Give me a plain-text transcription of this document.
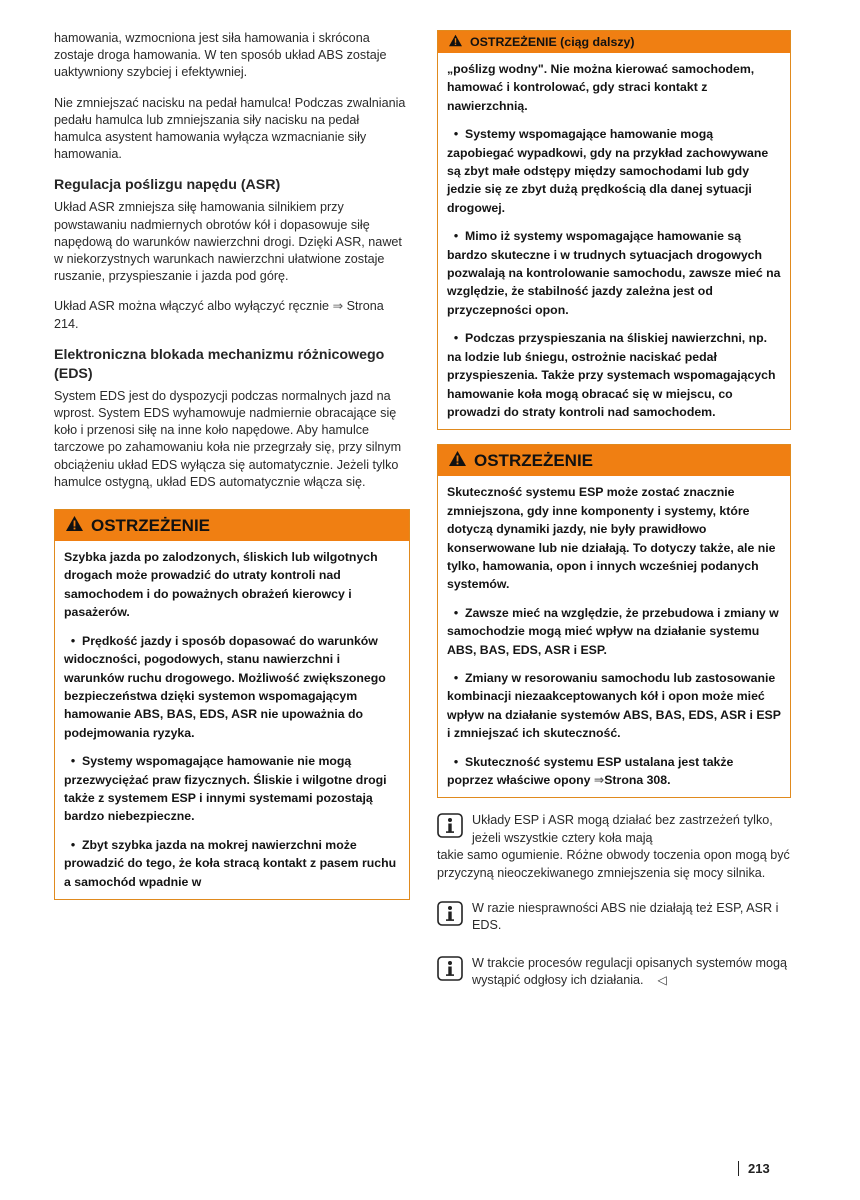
hamowania, wzmocniona jest siła hamowania i skrócona zostaje droga hamowania. W ten sposób układ ABS zostaje uaktywniony szybciej i efektywniej.

Nie zmniejszać nacisku na pedał hamulca! Podczas zwalniania pedału hamulca lub zmniejszania siły nacisku na pedał hamulca asystent hamowania wyłącza wzmacnianie siły hamowania.

Regulacja poślizgu napędu (ASR)

Układ ASR zmniejsza siłę hamowania silnikiem przy powstawaniu nadmiernych obrotów kół i dopasowuje siłę napędową do warunków nawierzchni drogi. Dzięki ASR, nawet w niekorzystnych warunkach nawierzchni ułatwione zostaje ruszanie, przyspieszanie i jazda pod górę.

Układ ASR można włączyć albo wyłączyć ręcznie ⇒ Strona 214.

Elektroniczna blokada mechanizmu różnicowego (EDS)

System EDS jest do dyspozycji podczas normalnych jazd na wprost. System EDS wyhamowuje nadmiernie obracające się koło i przenosi siłę na inne koło napędowe. Aby hamulce tarczowe po zahamowaniu koła nie przegrzały się, przy silnym obciążeniu układ EDS wyłącza się automatycznie. Jeżeli tylko hamulce ostygną, układ EDS automatycznie włącza się.

OSTRZEŻENIE

Szybka jazda po zalodzonych, śliskich lub wilgotnych drogach może prowadzić do utraty kontroli nad samochodem i do poważnych obrażeń kierowcy i pasażerów.

• Prędkość jazdy i sposób dopasować do warunków widoczności, pogodowych, stanu nawierzchni i warunków ruchu drogowego. Możliwość zwiększonego bezpieczeństwa dzięki systemon wspomagającym hamowanie ABS, BAS, EDS, ASR nie upoważnia do podejmowania ryzyka.

• Systemy wspomagające hamowanie nie mogą przezwyciężać praw fizycznych. Śliskie i wilgotne drogi także z systemem ESP i innymi systemami pozostają bardzo niebezpieczne.

• Zbyt szybka jazda na mokrej nawierzchni może prowadzić do tego, że koła stracą kontakt z pasem ruchu a samochód wpadnie w

OSTRZEŻENIE (ciąg dalszy)

„poślizg wodny". Nie można kierować samochodem, hamować i kontrolować, gdy straci kontakt z nawierzchnią.

• Systemy wspomagające hamowanie mogą zapobiegać wypadkowi, gdy na przykład zachowywane są zbyt małe odstępy między samochodami lub gdy jedzie się ze zbyt dużą prędkością dla danej sytuacji drogowej.

• Mimo iż systemy wspomagające hamowanie są bardzo skuteczne i w trudnych sytuacjach drogowych pozwalają na kontrolowanie samochodu, zawsze mieć na względzie, że stabilność jazdy zależna jest od przyczepności opon.

• Podczas przyspieszania na śliskiej nawierzchni, np. na lodzie lub śniegu, ostrożnie naciskać pedał przyspieszenia. Także przy systemach wspomagających hamowanie koła mogą obracać się w miejscu, co prowadzi do straty kontroli nad samochodem.

OSTRZEŻENIE

Skuteczność systemu ESP może zostać znacznie zmniejszona, gdy inne komponenty i systemy, które dotyczą dynamiki jazdy, nie były prawidłowo konserwowane lub nie działają. To dotyczy także, ale nie tylko, hamowania, opon i innych wcześniej podanych systemów.

• Zawsze mieć na względzie, że przebudowa i zmiany w samochodzie mogą mieć wpływ na działanie systemu ABS, BAS, EDS, ASR i ESP.

• Zmiany w resorowaniu samochodu lub zastosowanie kombinacji niezaakceptowanych kół i opon może mieć wpływ na działanie systemów ABS, BAS, EDS, ASR i ESP i zmniejszać ich skuteczność.

• Skuteczność systemu ESP ustalana jest także poprzez właściwe opony ⇒Strona 308.

Układy ESP i ASR mogą działać bez zastrzeżeń tylko, jeżeli wszystkie cztery koła mają

takie samo ogumienie. Różne obwody toczenia opon mogą być przyczyną nieoczekiwanego zmniejszenia się mocy silnika.

W razie niesprawności ABS nie działają też ESP, ASR i EDS.

W trakcie procesów regulacji opisanych systemów mogą wystąpić odgłosy ich działania. ◁

213
